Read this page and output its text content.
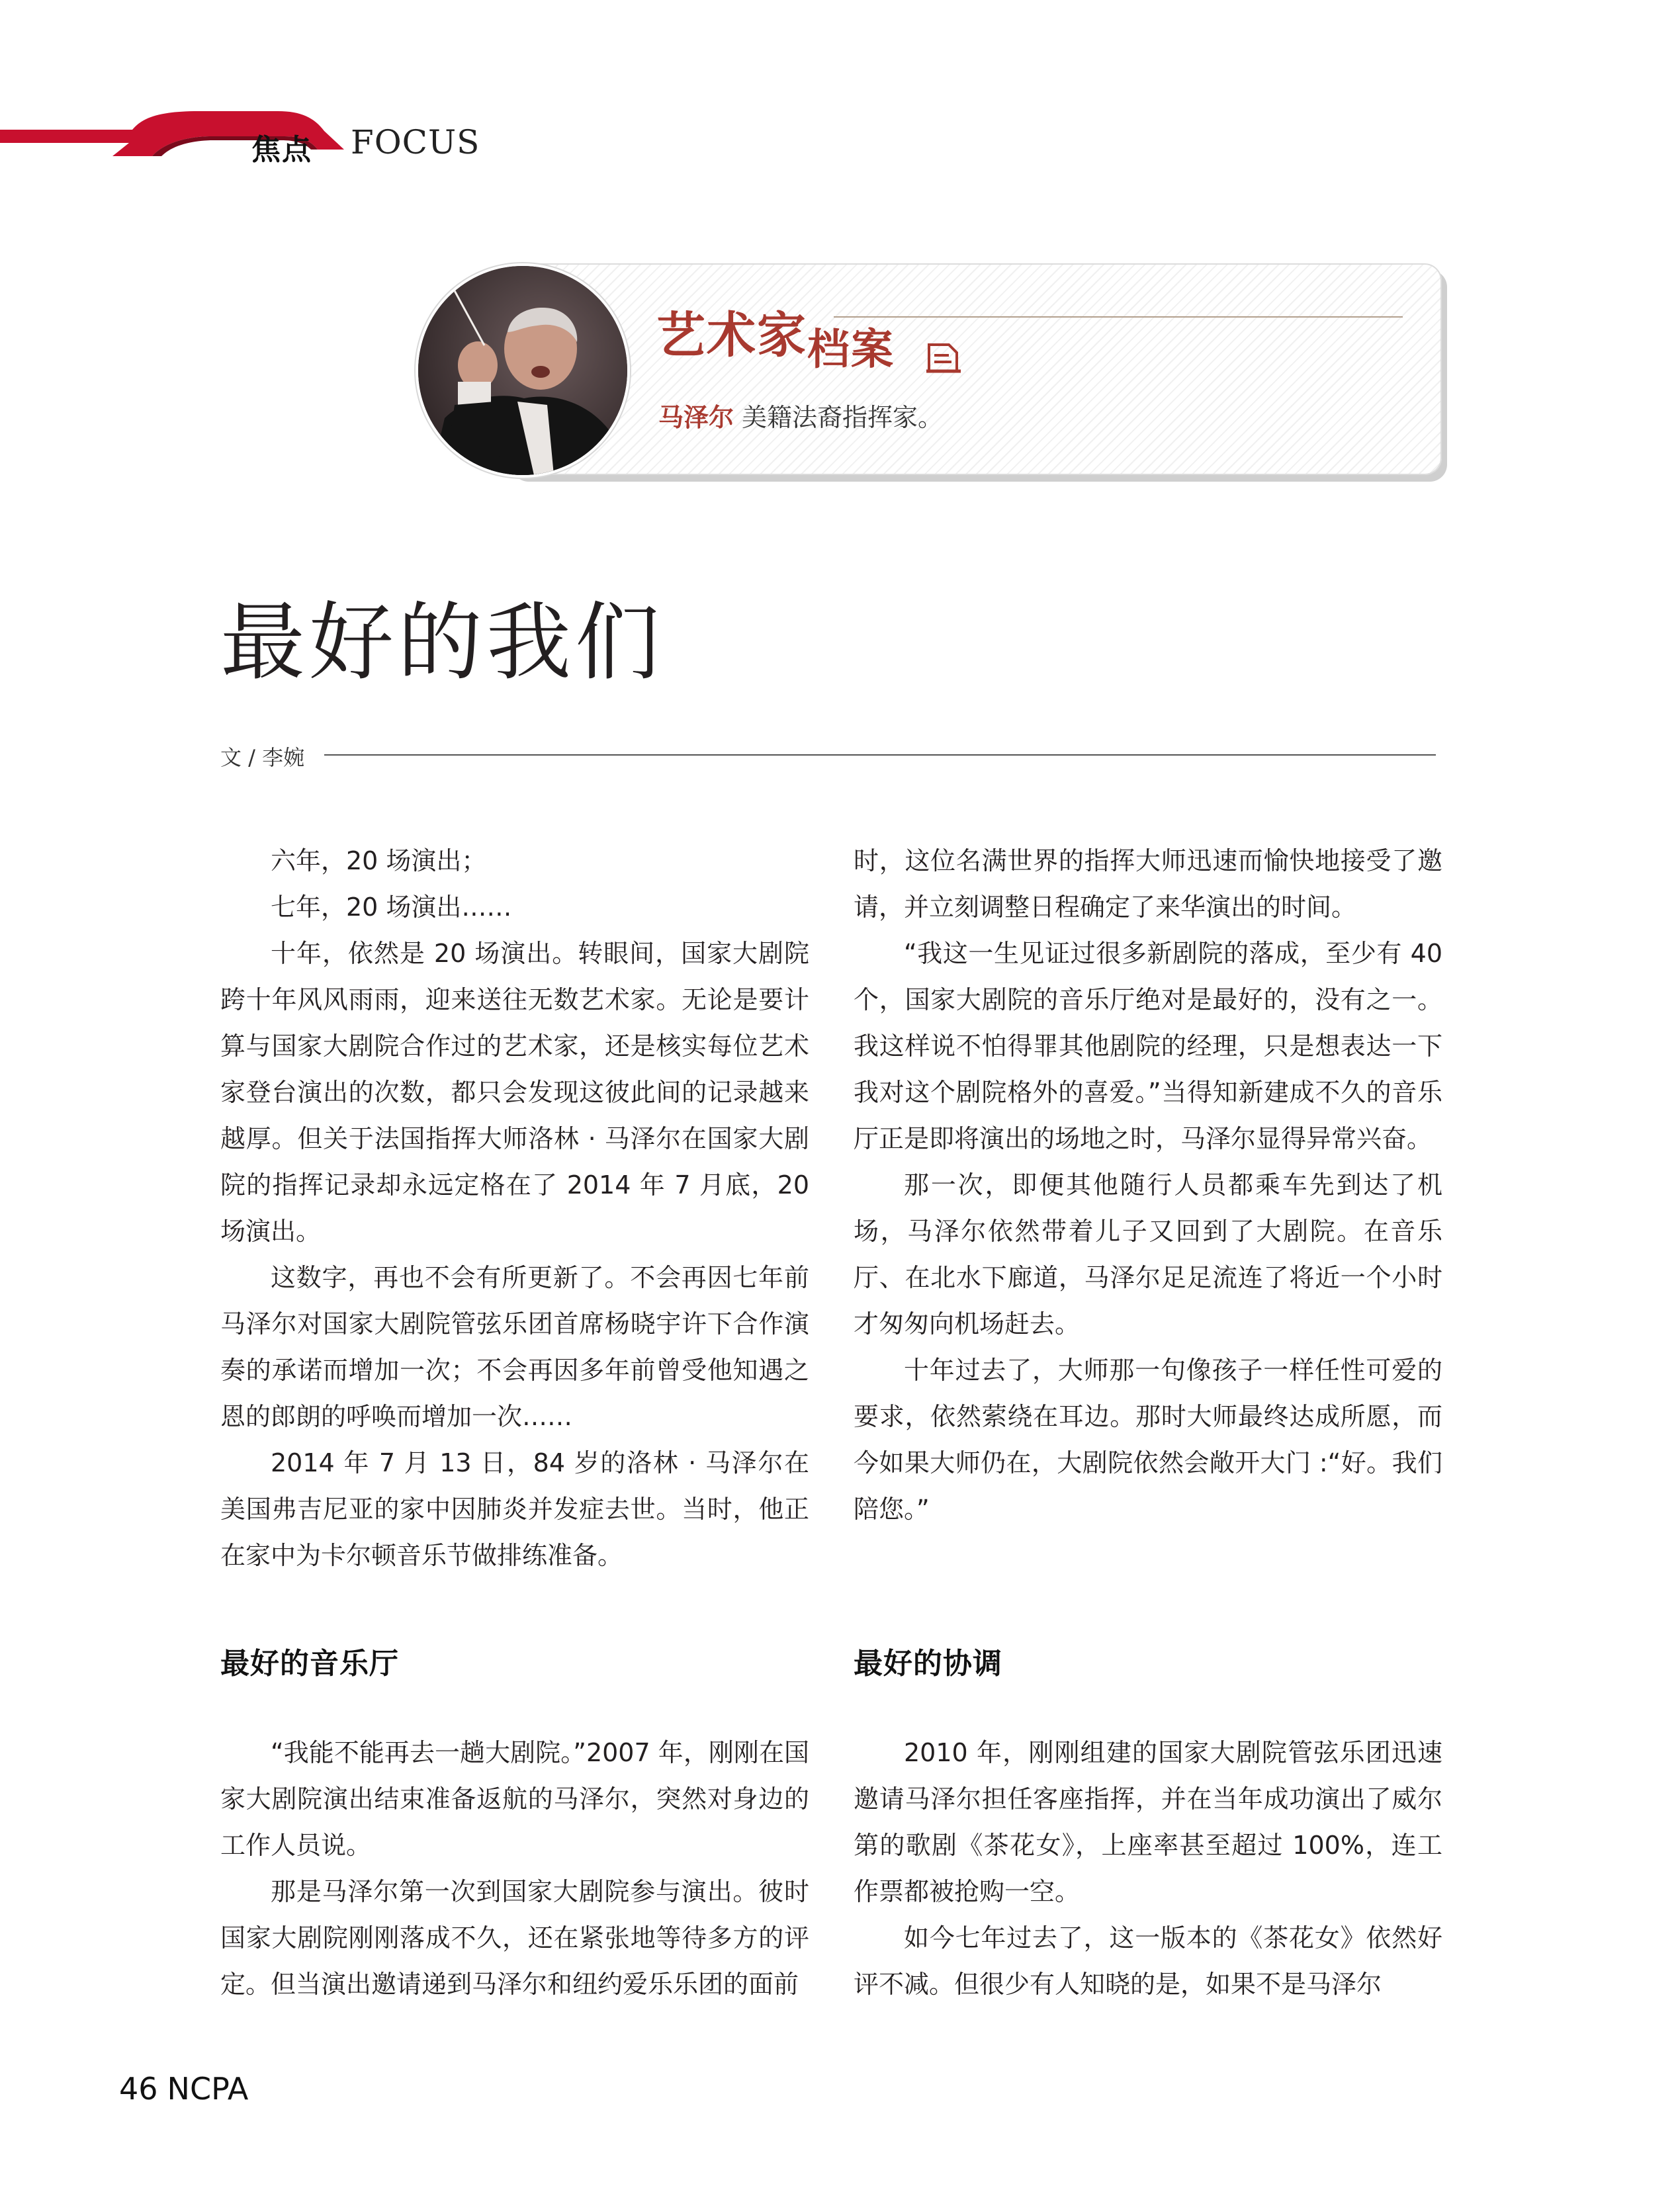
焦点 FOCUS
艺术家档案
马泽尔 美籍法裔指挥家。
最好的我们
文 / 李婉

六年，20 场演出；

七年，20 场演出……

十年，依然是 20 场演出。转眼间，国家大剧院跨十年风风雨雨，迎来送往无数艺术家。无论是要计算与国家大剧院合作过的艺术家，还是核实每位艺术家登台演出的次数，都只会发现这彼此间的记录越来越厚。但关于法国指挥大师洛林 · 马泽尔在国家大剧院的指挥记录却永远定格在了 2014 年 7 月底，20 场演出。

这数字，再也不会有所更新了。不会再因七年前马泽尔对国家大剧院管弦乐团首席杨晓宇许下合作演奏的承诺而增加一次；不会再因多年前曾受他知遇之恩的郎朗的呼唤而增加一次……

2014 年 7 月 13 日，84 岁的洛林 · 马泽尔在美国弗吉尼亚的家中因肺炎并发症去世。当时，他正在家中为卡尔顿音乐节做排练准备。

时，这位名满世界的指挥大师迅速而愉快地接受了邀请，并立刻调整日程确定了来华演出的时间。

“我这一生见证过很多新剧院的落成，至少有 40 个，国家大剧院的音乐厅绝对是最好的，没有之一。我这样说不怕得罪其他剧院的经理，只是想表达一下我对这个剧院格外的喜爱。”当得知新建成不久的音乐厅正是即将演出的场地之时，马泽尔显得异常兴奋。

那一次，即便其他随行人员都乘车先到达了机场，马泽尔依然带着儿子又回到了大剧院。在音乐厅、在北水下廊道，马泽尔足足流连了将近一个小时才匆匆向机场赶去。

十年过去了，大师那一句像孩子一样任性可爱的要求，依然萦绕在耳边。那时大师最终达成所愿，而今如果大师仍在，大剧院依然会敞开大门 :“好。我们陪您。”

最好的音乐厅	最好的协调

“我能不能再去一趟大剧院。”2007 年，刚刚在国家大剧院演出结束准备返航的马泽尔，突然对身边的工作人员说。

那是马泽尔第一次到国家大剧院参与演出。彼时国家大剧院刚刚落成不久，还在紧张地等待多方的评定。但当演出邀请递到马泽尔和纽约爱乐乐团的面前

2010 年，刚刚组建的国家大剧院管弦乐团迅速邀请马泽尔担任客座指挥，并在当年成功演出了威尔第的歌剧《茶花女》，上座率甚至超过 100%，连工作票都被抢购一空。

如今七年过去了，这一版本的《茶花女》依然好评不减。但很少有人知晓的是，如果不是马泽尔

46 NCPA
